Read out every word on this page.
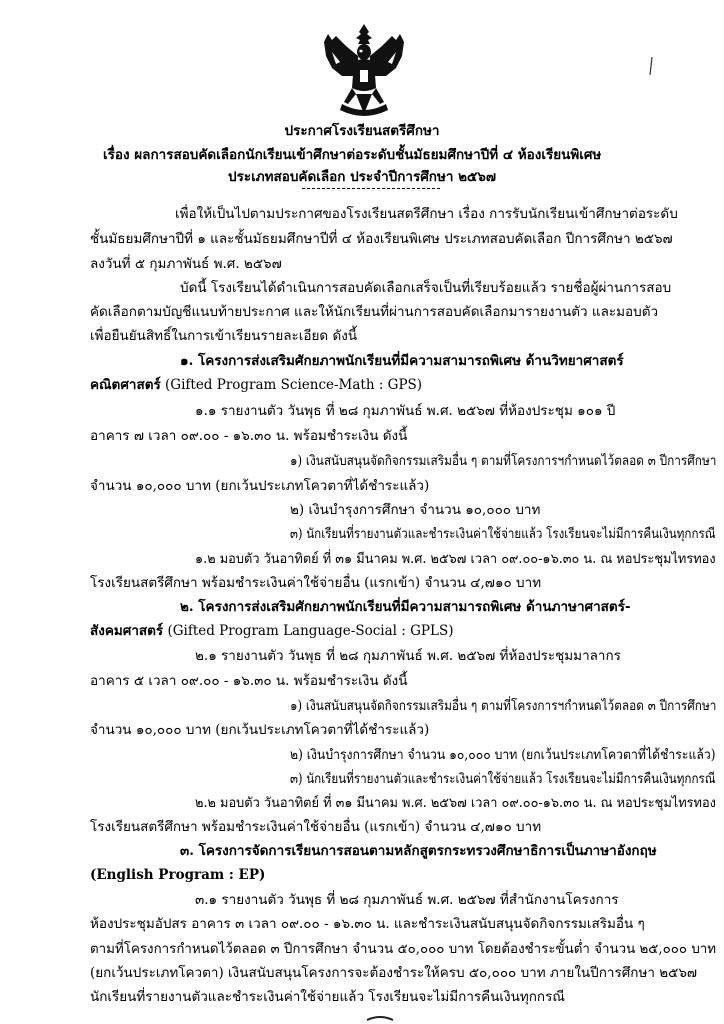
ประกาศโรงเรียนสตรีศึกษา
เรื่อง ผลการสอบคัดเลือกนักเรียนเข้าศึกษาต่อระดับชั้นมัธยมศึกษาปีที่ ๔ ห้องเรียนพิเศษ
ประเภทสอบคัดเลือก ประจำปีการศึกษา ๒๕๖๗
เพื่อให้เป็นไปตามประกาศของโรงเรียนสตรีศึกษา เรื่อง การรับนักเรียนเข้าศึกษาต่อระดับ
ชั้นมัธยมศึกษาปีที่ ๑ และชั้นมัธยมศึกษาปีที่ ๔ ห้องเรียนพิเศษ ประเภทสอบคัดเลือก ปีการศึกษา ๒๕๖๗
ลงวันที่ ๕ กุมภาพันธ์ พ.ศ. ๒๕๖๗
บัดนี้ โรงเรียนได้ดำเนินการสอบคัดเลือกเสร็จเป็นที่เรียบร้อยแล้ว รายชื่อผู้ผ่านการสอบ
คัดเลือกตามบัญชีแนบท้ายประกาศ และให้นักเรียนที่ผ่านการสอบคัดเลือกมารายงานตัว และมอบตัว
เพื่อยืนยันสิทธิ์ในการเข้าเรียนรายละเอียด ดังนี้
๑. โครงการส่งเสริมศักยภาพนักเรียนที่มีความสามารถพิเศษ ด้านวิทยาศาสตร์
คณิตศาสตร์ (Gifted Program Science-Math : GPS)
๑.๑ รายงานตัว วันพุธ ที่ ๒๘ กุมภาพันธ์ พ.ศ. ๒๕๖๗ ที่ห้องประชุม ๑๐๑ ปี
อาคาร ๗ เวลา ๐๙.๐๐ - ๑๖.๓๐ น. พร้อมชำระเงิน ดังนี้
๑) เงินสนับสนุนจัดกิจกรรมเสริมอื่น ๆ ตามที่โครงการฯกำหนดไว้ตลอด ๓ ปีการศึกษา
จำนวน ๑๐,๐๐๐ บาท (ยกเว้นประเภทโควตาที่ได้ชำระแล้ว)
๒) เงินบำรุงการศึกษา จำนวน ๑๐,๐๐๐ บาท
๓) นักเรียนที่รายงานตัวและชำระเงินค่าใช้จ่ายแล้ว โรงเรียนจะไม่มีการคืนเงินทุกกรณี
๑.๒ มอบตัว วันอาทิตย์ ที่ ๓๑ มีนาคม พ.ศ. ๒๕๖๗ เวลา ๐๙.๐๐-๑๖.๓๐ น. ณ หอประชุมไทรทอง
โรงเรียนสตรีศึกษา พร้อมชำระเงินค่าใช้จ่ายอื่น (แรกเข้า) จำนวน ๔,๗๑๐ บาท
๒. โครงการส่งเสริมศักยภาพนักเรียนที่มีความสามารถพิเศษ ด้านภาษาศาสตร์-
สังคมศาสตร์ (Gifted Program Language-Social : GPLS)
๒.๑ รายงานตัว วันพุธ ที่ ๒๘ กุมภาพันธ์ พ.ศ. ๒๕๖๗ ที่ห้องประชุมมาลากร
อาคาร ๕ เวลา ๐๙.๐๐ - ๑๖.๓๐ น. พร้อมชำระเงิน ดังนี้
๑) เงินสนับสนุนจัดกิจกรรมเสริมอื่น ๆ ตามที่โครงการฯกำหนดไว้ตลอด ๓ ปีการศึกษา
จำนวน ๑๐,๐๐๐ บาท (ยกเว้นประเภทโควตาที่ได้ชำระแล้ว)
๒) เงินบำรุงการศึกษา จำนวน ๑๐,๐๐๐ บาท (ยกเว้นประเภทโควตาที่ได้ชำระแล้ว)
๓) นักเรียนที่รายงานตัวและชำระเงินค่าใช้จ่ายแล้ว โรงเรียนจะไม่มีการคืนเงินทุกกรณี
๒.๒ มอบตัว วันอาทิตย์ ที่ ๓๑ มีนาคม พ.ศ. ๒๕๖๗ เวลา ๐๙.๐๐-๑๖.๓๐ น. ณ หอประชุมไทรทอง
โรงเรียนสตรีศึกษา พร้อมชำระเงินค่าใช้จ่ายอื่น (แรกเข้า) จำนวน ๔,๗๑๐ บาท
๓. โครงการจัดการเรียนการสอนตามหลักสูตรกระทรวงศึกษาธิการเป็นภาษาอังกฤษ
(English Program : EP)
๓.๑ รายงานตัว วันพุธ ที่ ๒๘ กุมภาพันธ์ พ.ศ. ๒๕๖๗ ที่สำนักงานโครงการ
ห้องประชุมอัปสร อาคาร ๓ เวลา ๐๙.๐๐ - ๑๖.๓๐ น. และชำระเงินสนับสนุนจัดกิจกรรมเสริมอื่น ๆ
ตามที่โครงการกำหนดไว้ตลอด ๓ ปีการศึกษา จำนวน ๕๐,๐๐๐ บาท โดยต้องชำระขั้นต่ำ จำนวน ๒๕,๐๐๐ บาท
(ยกเว้นประเภทโควตา) เงินสนับสนุนโครงการจะต้องชำระให้ครบ ๕๐,๐๐๐ บาท ภายในปีการศึกษา ๒๕๖๗
นักเรียนที่รายงานตัวและชำระเงินค่าใช้จ่ายแล้ว โรงเรียนจะไม่มีการคืนเงินทุกกรณี
